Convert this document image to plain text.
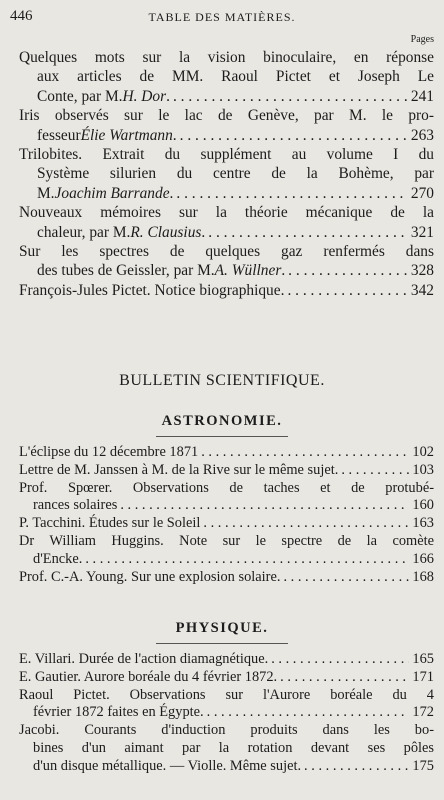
446	TABLE DES MATIÈRES.
Pages
Quelques mots sur la vision binoculaire, en réponse
aux articles de MM. Raoul Pictet et Joseph Le
Conte, par M. H. Dor . . . .	241
Iris observés sur le lac de Genève, par M. le pro-
fesseur Élie Wartmann . . . .	263
Trilobites. Extrait du supplément au volume I du
Système silurien du centre de la Bohème, par
M. Joachim Barrande . . . .	270
Nouveaux mémoires sur la théorie mécanique de la
chaleur, par M. R. Clausius . . . .	321
Sur les spectres de quelques gaz renfermés dans
des tubes de Geissler, par M. A. Wüllner . . . .	328
François-Jules Pictet. Notice biographique. . . .	342
BULLETIN SCIENTIFIQUE.
ASTRONOMIE.
L'éclipse du 12 décembre 1871 . . .	102
Lettre de M. Janssen à M. de la Rive sur le même sujet. . . .	103
Prof. Spœrer. Observations de taches et de protubé-
rances solaires . . .	160
P. Tacchini. Études sur le Soleil . . .	163
Dr William Huggins. Note sur le spectre de la comète
d'Encke. . . .	166
Prof. C.-A. Young. Sur une explosion solaire. . . .	168
PHYSIQUE.
E. Villari. Durée de l'action diamagnétique. . . .	165
E. Gautier. Aurore boréale du 4 février 1872. . . .	171
Raoul Pictet. Observations sur l'Aurore boréale du 4
février 1872 faites en Égypte. . . .	172
Jacobi. Courants d'induction produits dans les bo-
bines d'un aimant par la rotation devant ses pôles
d'un disque métallique. — Violle. Même sujet. . . .	175
